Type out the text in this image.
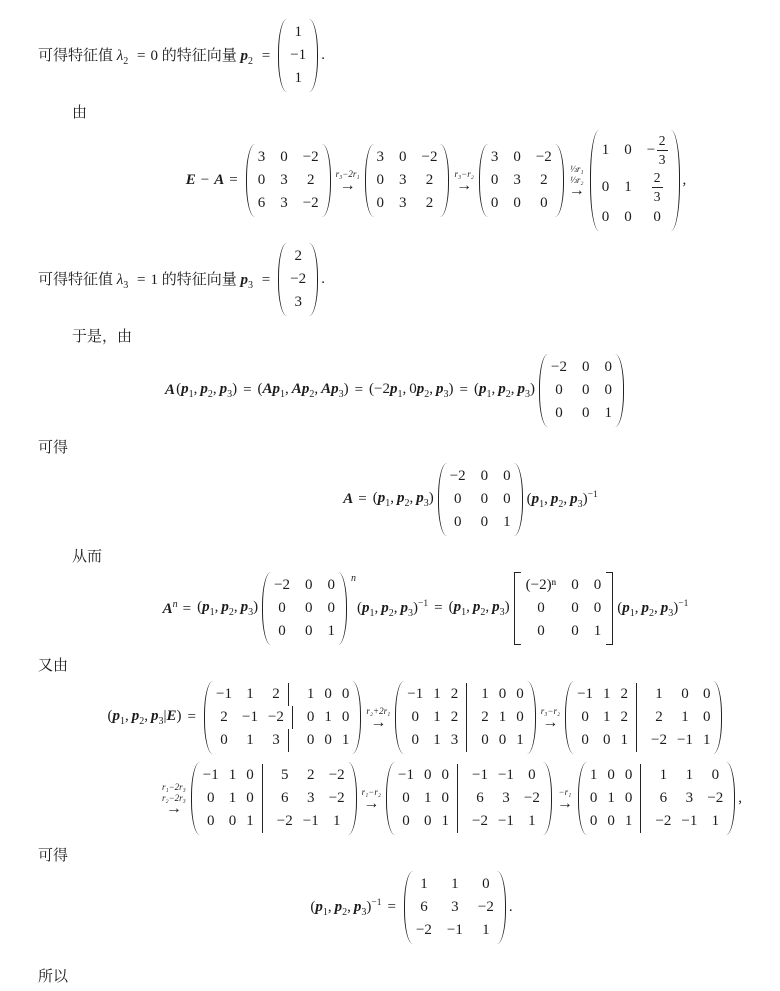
可得特征值 $\lambda_2 = 0$ 的特征向量 $p_2$ =
1
−1
1
.
由
E − A =
3 0 −2
0 3 2
6 3 −2
r₃−2r₁
→
3 0 −2
0 3 2
0 3 2
r₃−r₂
→
3 0 −2
0 3 2
0 0 0
⅓r₁
⅓r₂
→
1 $0 - \frac{2}{3}$
0 $1 \frac{2}{3}$
0 0 0
,
可得特征值 $\lambda_3 = 1$ 的特征向量 $p_3$ =
2
−2
3
.
于是，由
A ($p_1$, $p_2$, $p_3) = (Ap_1$, $Ap_2$, $Ap_3) = (-2p_1$, $0p_2$, $p_3) = (p_1$, $p_2$, $p_3$)
−2 0 0
0 0 0
0 0 1
可得
$A = (p_1$, $p_2$, $p_3$)
−2 0 0
0 0 0
0 0 1
($p_1$, $p_2$, $p_3)^{-1}$
从而
$A^n = (p_1$, $p_2$, $p_3$)
−2 0 0
0 0 0
0 0 1
$^n$
($p_1$, $p_2$, $p_3)^{-1} = (p_1$, $p_2$, $p_3$)
(−2)ⁿ 0 0
0 0 0
0 0 1
($p_1$, $p_2$, $p_3)^{-1}$
又由
($p_1$, $p_2$, $p_3|E$) =
−1 1 2	1 0 0
2 −1 −2	0 1 0
0 1 3	0 0 1
r₂+2r₁
→
−1 1 2	1 0 0
0 1 2	2 1 0
0 1 3	0 0 1
r₃−r₂
→
−1 1 2	1 0 0
0 1 2	2 1 0
0 0 1	−2 −1 1
r₁−2r₃
r₂−2r₃
→
−1 1 0	5 2 −2
0 1 0	6 3 −2
0 0 1	−2 −1 1
r₁−r₂
→
−1 0 0	−1 −1 0
0 1 0	6 3 −2
0 0 1	−2 −1 1
−r₁
→
1 0 0	1 1 0
0 1 0	6 3 −2
0 0 1	−2 −1 1
,
可得
($p_1$, $p_2$, $p_3)^{-1}$ =
1 1 0
6 3 −2
−2 −1 1
.
所以
